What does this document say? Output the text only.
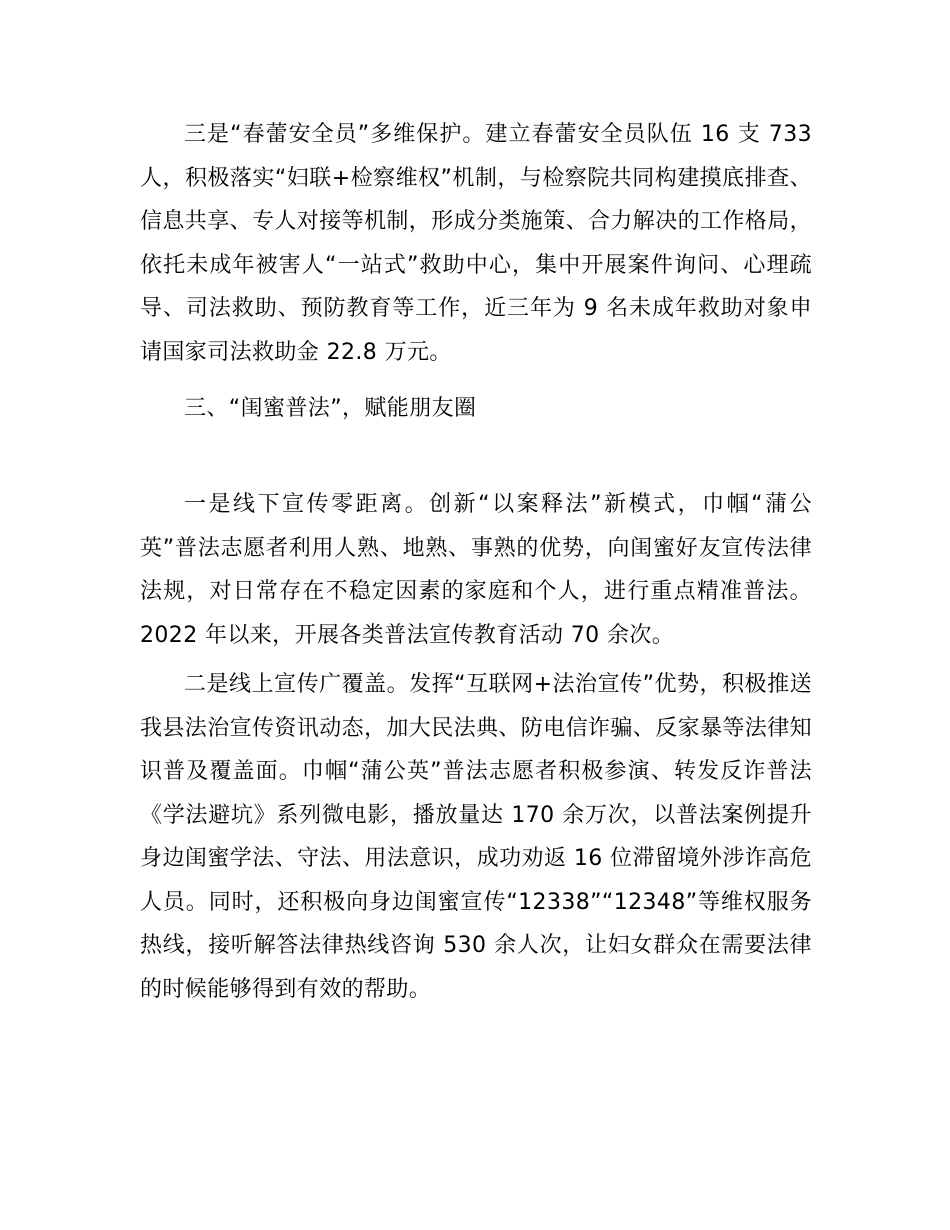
三是“春蕾安全员”多维保护。建立春蕾安全员队伍 16 支 733 人，积极落实“妇联+检察维权”机制，与检察院共同构建摸底排查、信息共享、专人对接等机制，形成分类施策、合力解决的工作格局，依托未成年被害人“一站式”救助中心，集中开展案件询问、心理疏导、司法救助、预防教育等工作，近三年为 9 名未成年救助对象申请国家司法救助金 22.8 万元。

三、“闺蜜普法”，赋能朋友圈

一是线下宣传零距离。创新“以案释法”新模式，巾帼“蒲公英”普法志愿者利用人熟、地熟、事熟的优势，向闺蜜好友宣传法律法规，对日常存在不稳定因素的家庭和个人，进行重点精准普法。2022 年以来，开展各类普法宣传教育活动 70 余次。

二是线上宣传广覆盖。发挥“互联网+法治宣传”优势，积极推送我县法治宣传资讯动态，加大民法典、防电信诈骗、反家暴等法律知识普及覆盖面。巾帼“蒲公英”普法志愿者积极参演、转发反诈普法《学法避坑》系列微电影，播放量达 170 余万次，以普法案例提升身边闺蜜学法、守法、用法意识，成功劝返 16 位滞留境外涉诈高危人员。同时，还积极向身边闺蜜宣传“12338”“12348”等维权服务热线，接听解答法律热线咨询 530 余人次，让妇女群众在需要法律的时候能够得到有效的帮助。
